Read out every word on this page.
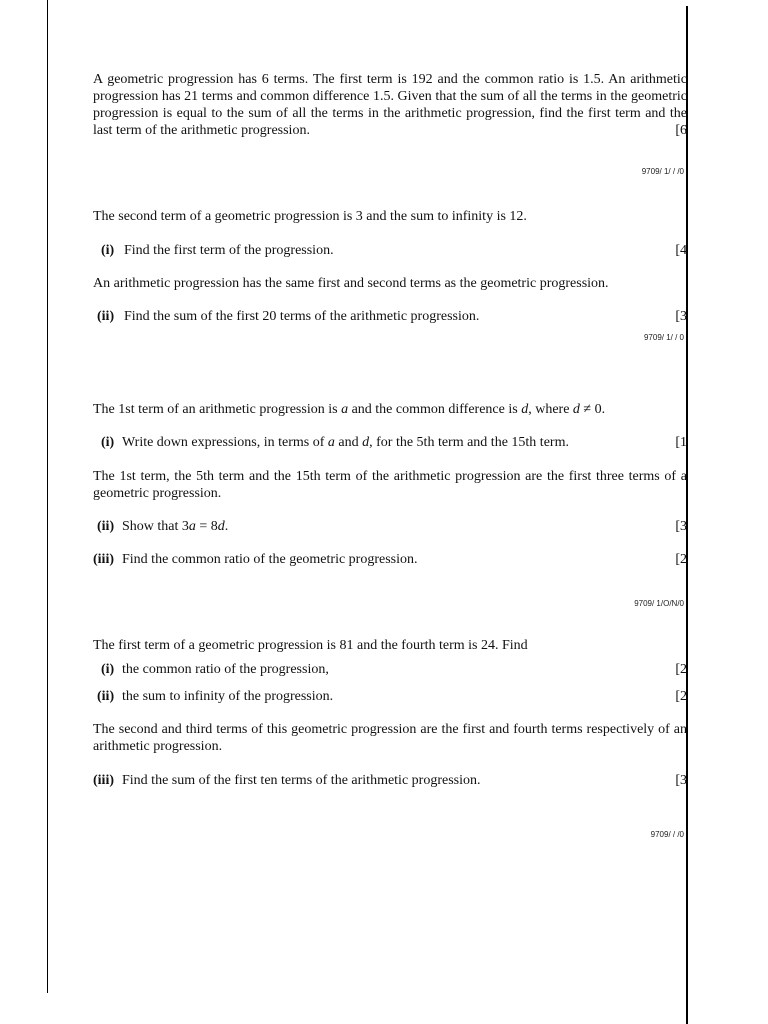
A geometric progression has 6 terms. The first term is 192 and the common ratio is 1.5. An arithmetic progression has 21 terms and common difference 1.5. Given that the sum of all the terms in the geometric progression is equal to the sum of all the terms in the arithmetic progression, find the first term and the last term of the arithmetic progression.	[6
9709/ 1/ / /0
The second term of a geometric progression is 3 and the sum to infinity is 12.
(i) Find the first term of the progression.	[4
An arithmetic progression has the same first and second terms as the geometric progression.
(ii) Find the sum of the first 20 terms of the arithmetic progression.	[3
9709/ 1/ / 0
The 1st term of an arithmetic progression is a and the common difference is d, where d ≠ 0.
(i) Write down expressions, in terms of a and d, for the 5th term and the 15th term.	[1
The 1st term, the 5th term and the 15th term of the arithmetic progression are the first three terms of a geometric progression.
(ii) Show that 3a = 8d.	[3
(iii) Find the common ratio of the geometric progression.	[2
9709/ 1/O/N/0
The first term of a geometric progression is 81 and the fourth term is 24. Find
(i) the common ratio of the progression,	[2
(ii) the sum to infinity of the progression.	[2
The second and third terms of this geometric progression are the first and fourth terms respectively of an arithmetic progression.
(iii) Find the sum of the first ten terms of the arithmetic progression.	[3
9709/ / /0
